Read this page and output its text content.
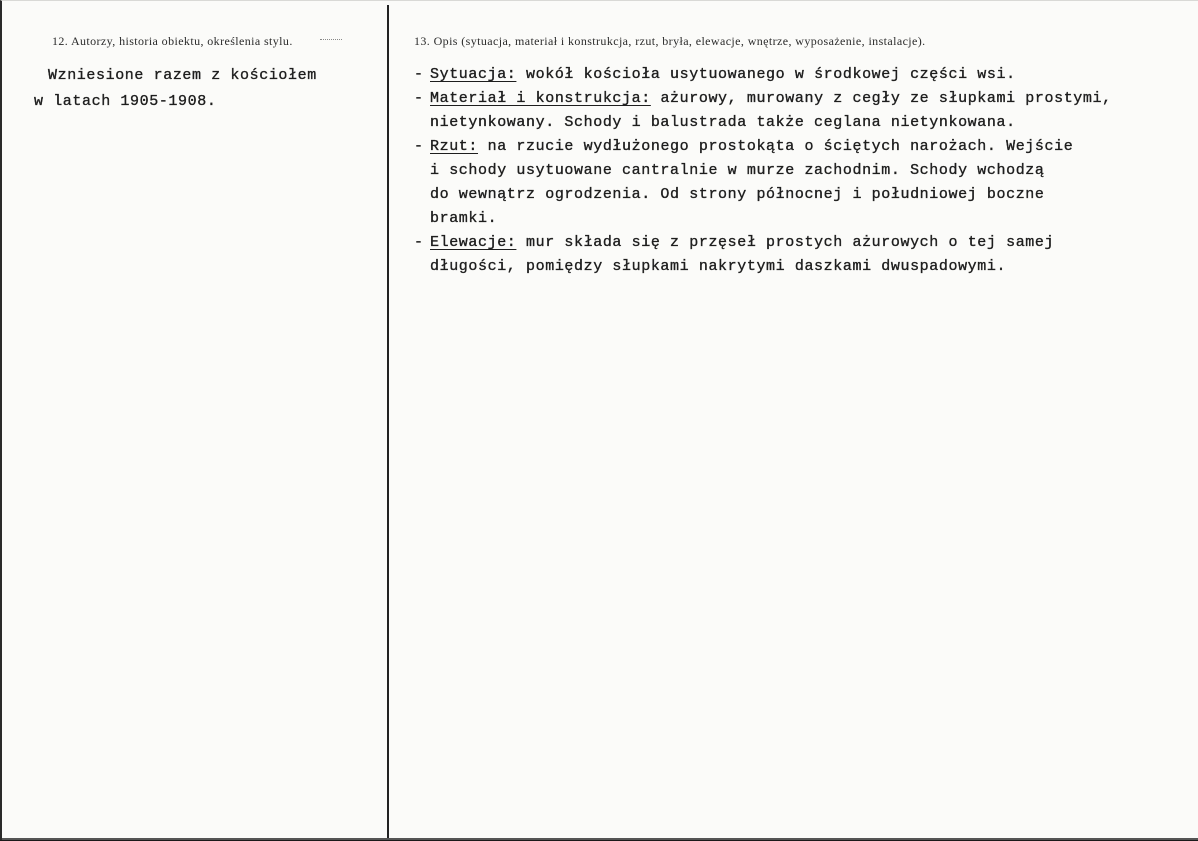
12. Autorzy, historia obiektu, określenia stylu.
Wzniesione razem z kościołem
w latach 1905-1908.
13. Opis (sytuacja, materiał i konstrukcja, rzut, bryła, elewacje, wnętrze, wyposażenie, instalacje).
- Sytuacja: wokół kościoła usytuowanego w środkowej części wsi.
- Materiał i konstrukcja: ażurowy, murowany z cegły ze słupkami prostymi,
nietynkowany. Schody i balustrada także ceglana nietynkowana.
- Rzut: na rzucie wydłużonego prostokąta o ściętych narożach. Wejście
i schody usytuowane cantralnie w murze zachodnim. Schody wchodzą
do wewnątrz ogrodzenia. Od strony północnej i południowej boczne
bramki.
- Elewacje: mur składa się z przęseł prostych ażurowych o tej samej
długości, pomiędzy słupkami nakrytymi daszkami dwuspadowymi.
